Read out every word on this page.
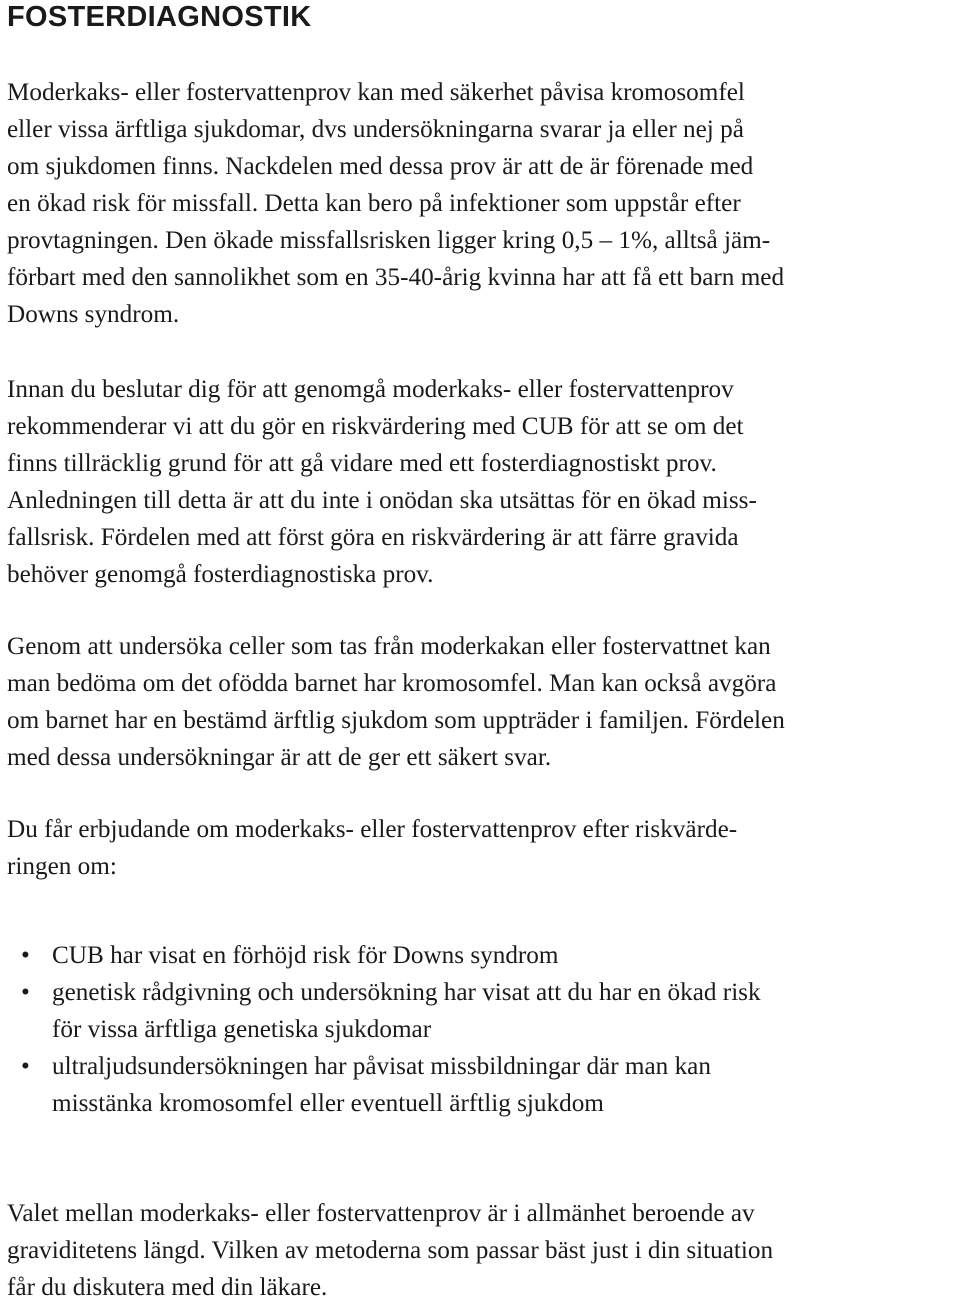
FOSTERDIAGNOSTIK

Moderkaks- eller fostervattenprov kan med säkerhet påvisa kromosomfel
eller vissa ärftliga sjukdomar, dvs undersökningarna svarar ja eller nej på
om sjukdomen finns. Nackdelen med dessa prov är att de är förenade med
en ökad risk för missfall. Detta kan bero på infektioner som uppstår efter
provtagningen. Den ökade missfallsrisken ligger kring 0,5 – 1%, alltså jäm-
förbart med den sannolikhet som en 35-40-årig kvinna har att få ett barn med
Downs syndrom.

Innan du beslutar dig för att genomgå moderkaks- eller fostervattenprov
rekommenderar vi att du gör en riskvärdering med CUB för att se om det
finns tillräcklig grund för att gå vidare med ett fosterdiagnostiskt prov.
Anledningen till detta är att du inte i onödan ska utsättas för en ökad miss-
fallsrisk. Fördelen med att först göra en riskvärdering är att färre gravida
behöver genomgå fosterdiagnostiska prov.

Genom att undersöka celler som tas från moderkakan eller fostervattnet kan
man bedöma om det ofödda barnet har kromosomfel. Man kan också avgöra
om barnet har en bestämd ärftlig sjukdom som uppträder i familjen. Fördelen
med dessa undersökningar är att de ger ett säkert svar.

Du får erbjudande om moderkaks- eller fostervattenprov efter riskvärde-
ringen om:

• CUB har visat en förhöjd risk för Downs syndrom
• genetisk rådgivning och undersökning har visat att du har en ökad risk
för vissa ärftliga genetiska sjukdomar
• ultraljudsundersökningen har påvisat missbildningar där man kan
misstänka kromosomfel eller eventuell ärftlig sjukdom

Valet mellan moderkaks- eller fostervattenprov är i allmänhet beroende av
graviditetens längd. Vilken av metoderna som passar bäst just i din situation
får du diskutera med din läkare.
